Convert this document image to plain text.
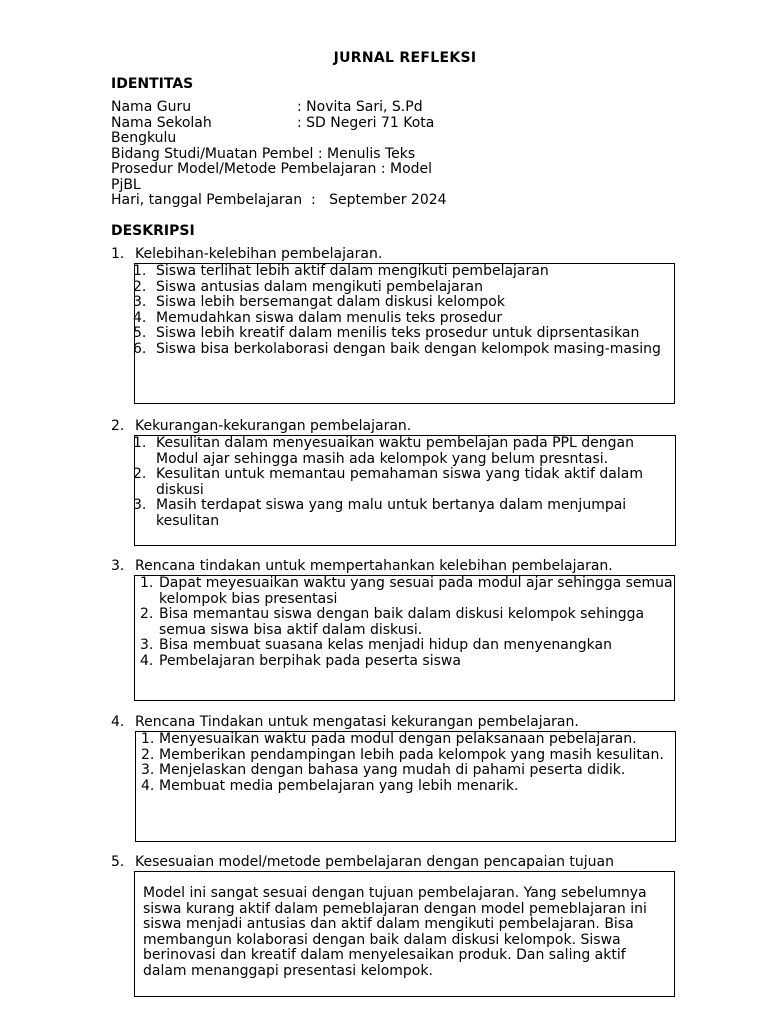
JURNAL REFLEKSI
IDENTITAS
Nama Guru	: Novita Sari, S.Pd
Nama Sekolah	: SD Negeri 71 Kota
Bengkulu
Bidang Studi/Muatan Pembel : Menulis Teks
Prosedur Model/Metode Pembelajaran : Model
PjBL
Hari, tanggal Pembelajaran  :   September 2024
DESKRIPSI
1. Kelebihan-kelebihan pembelajaran.
1. Siswa terlihat lebih aktif dalam mengikuti pembelajaran
2. Siswa antusias dalam mengikuti pembelajaran
3. Siswa lebih bersemangat dalam diskusi kelompok
4. Memudahkan siswa dalam menulis teks prosedur
5. Siswa lebih kreatif dalam menilis teks prosedur untuk diprsentasikan
6. Siswa bisa berkolaborasi dengan baik dengan kelompok masing-masing
2. Kekurangan-kekurangan pembelajaran.
1. Kesulitan dalam menyesuaikan waktu pembelajan pada PPL dengan Modul ajar sehingga masih ada kelompok yang belum presntasi.
2. Kesulitan untuk memantau pemahaman siswa yang tidak aktif dalam diskusi
3. Masih terdapat siswa yang malu untuk bertanya dalam menjumpai kesulitan
3. Rencana tindakan untuk mempertahankan kelebihan pembelajaran.
1. Dapat meyesuaikan waktu yang sesuai pada modul ajar sehingga semua kelompok bias presentasi
2. Bisa memantau siswa dengan baik dalam diskusi kelompok sehingga semua siswa bisa aktif dalam diskusi.
3. Bisa membuat suasana kelas menjadi hidup dan menyenangkan
4. Pembelajaran berpihak pada peserta siswa
4. Rencana Tindakan untuk mengatasi kekurangan pembelajaran.
1. Menyesuaikan waktu pada modul dengan pelaksanaan pebelajaran.
2. Memberikan pendampingan lebih pada kelompok yang masih kesulitan.
3. Menjelaskan dengan bahasa yang mudah di pahami peserta didik.
4. Membuat media pembelajaran yang lebih menarik.
5. Kesesuaian model/metode pembelajaran dengan pencapaian tujuan

Model ini sangat sesuai dengan tujuan pembelajaran. Yang sebelumnya siswa kurang aktif dalam pemeblajaran dengan model pemeblajaran ini siswa menjadi antusias dan aktif dalam mengikuti pembelajaran. Bisa membangun kolaborasi dengan baik dalam diskusi kelompok. Siswa berinovasi dan kreatif dalam menyelesaikan produk. Dan saling aktif dalam menanggapi presentasi kelompok.
